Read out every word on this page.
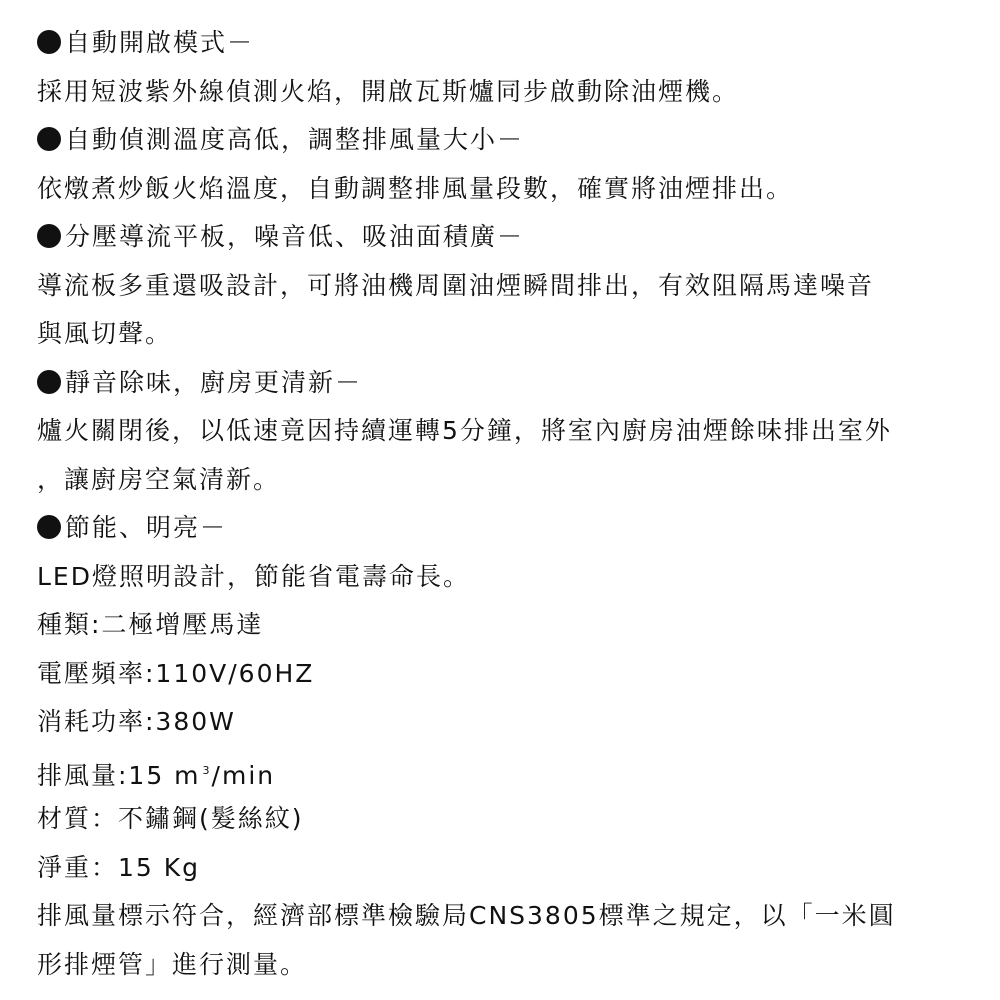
自動開啟模式－
採用短波紫外線偵測火焰，開啟瓦斯爐同步啟動除油煙機。
自動偵測溫度高低，調整排風量大小－
依燉煮炒飯火焰溫度，自動調整排風量段數，確實將油煙排出。
分壓導流平板，噪音低、吸油面積廣－
導流板多重還吸設計，可將油機周圍油煙瞬間排出，有效阻隔馬達噪音
與風切聲。
靜音除味，廚房更清新－
爐火關閉後，以低速竟因持續運轉5分鐘，將室內廚房油煙餘味排出室外
，讓廚房空氣清新。
節能、明亮－
LED燈照明設計，節能省電壽命長。
種類:二極增壓馬達
電壓頻率:110V/60HZ
消耗功率:380W
排風量:15 m $^3$/min
材質：不鏽鋼(髮絲紋)
淨重：15 Kg
排風量標示符合，經濟部標準檢驗局CNS3805標準之規定，以「一米圓
形排煙管」進行測量。
